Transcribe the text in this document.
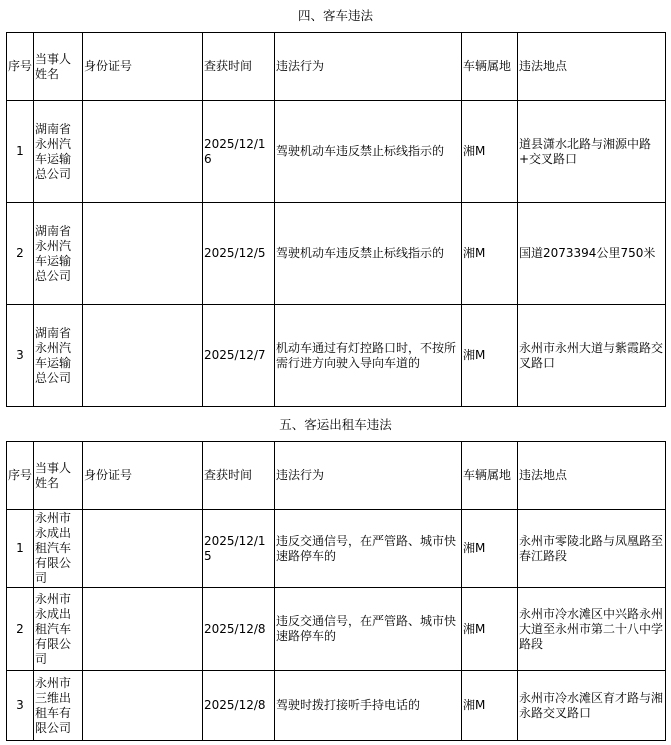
四、客车违法
序号	当事人姓名	身份证号	查获时间	违法行为	车辆属地	违法地点
1	湖南省永州汽车运输总公司		2025/12/16	驾驶机动车违反禁止标线指示的	湘M	道县潇水北路与湘源中路+交叉路口
2	湖南省永州汽车运输总公司		2025/12/5	驾驶机动车违反禁止标线指示的	湘M	国道2073394公里750米
3	湖南省永州汽车运输总公司		2025/12/7	机动车通过有灯控路口时，不按所需行进方向驶入导向车道的	湘M	永州市永州大道与紫霞路交叉路口
五、客运出租车违法
序号	当事人姓名	身份证号	查获时间	违法行为	车辆属地	违法地点
1	永州市永成出租汽车有限公司		2025/12/15	违反交通信号，在严管路、城市快速路停车的	湘M	永州市零陵北路与凤凰路至春江路段
2	永州市永成出租汽车有限公司		2025/12/8	违反交通信号，在严管路、城市快速路停车的	湘M	永州市冷水滩区中兴路永州大道至永州市第二十八中学路段
3	永州市三维出租车有限公司		2025/12/8	驾驶时拨打接听手持电话的	湘M	永州市冷水滩区育才路与湘永路交叉路口
